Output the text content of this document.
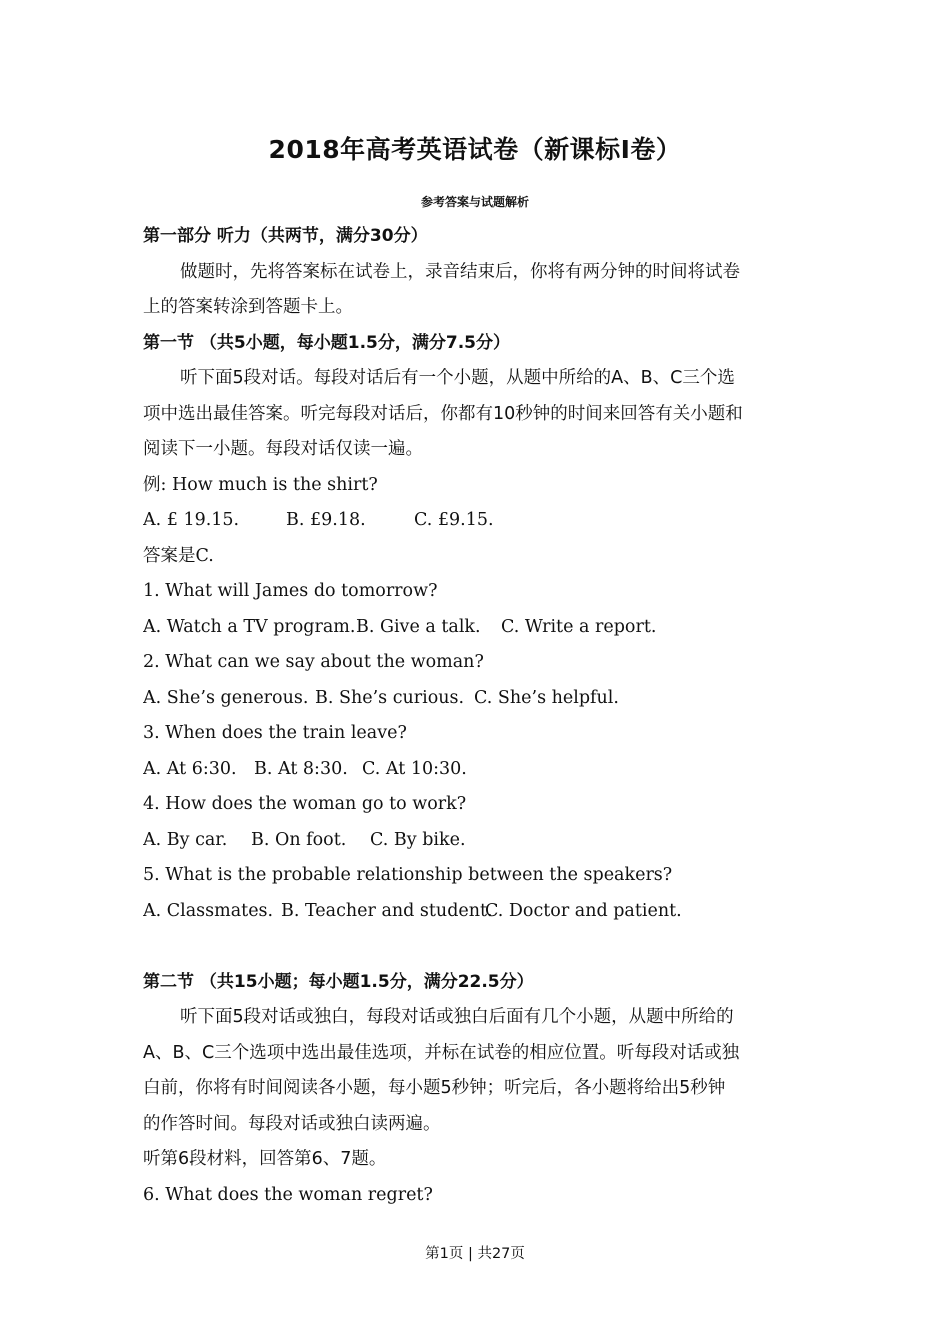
2018年高考英语试卷（新课标Ⅰ卷）
参考答案与试题解析
第一部分 听力（共两节，满分30分）
做题时，先将答案标在试卷上，录音结束后，你将有两分钟的时间将试卷
上的答案转涂到答题卡上。
第一节 （共5小题，每小题1.5分，满分7.5分）
听下面5段对话。每段对话后有一个小题，从题中所给的A、B、C三个选
项中选出最佳答案。听完每段对话后，你都有10秒钟的时间来回答有关小题和
阅读下一小题。每段对话仅读一遍。
例: How much is the shirt?
A. £ 19.15.	B. £9.18.	C. £9.15.
答案是C.
1. What will James do tomorrow?
A. Watch a TV program.B. Give a talk. C. Write a report.
2. What can we say about the woman?
A. She’s generous. B. She’s curious. C. She’s helpful.
3. When does the train leave?
A. At 6:30. B. At 8:30. C. At 10:30.
4. How does the woman go to work?
A. By car. B. On foot. C. By bike.
5. What is the probable relationship between the speakers?
A. Classmates. B. Teacher and student.C. Doctor and patient.
第二节 （共15小题；每小题1.5分，满分22.5分）
听下面5段对话或独白，每段对话或独白后面有几个小题，从题中所给的
A、B、C三个选项中选出最佳选项，并标在试卷的相应位置。听每段对话或独
白前，你将有时间阅读各小题，每小题5秒钟；听完后，各小题将给出5秒钟
的作答时间。每段对话或独白读两遍。
听第6段材料，回答第6、7题。
6. What does the woman regret?
第1页 | 共27页
